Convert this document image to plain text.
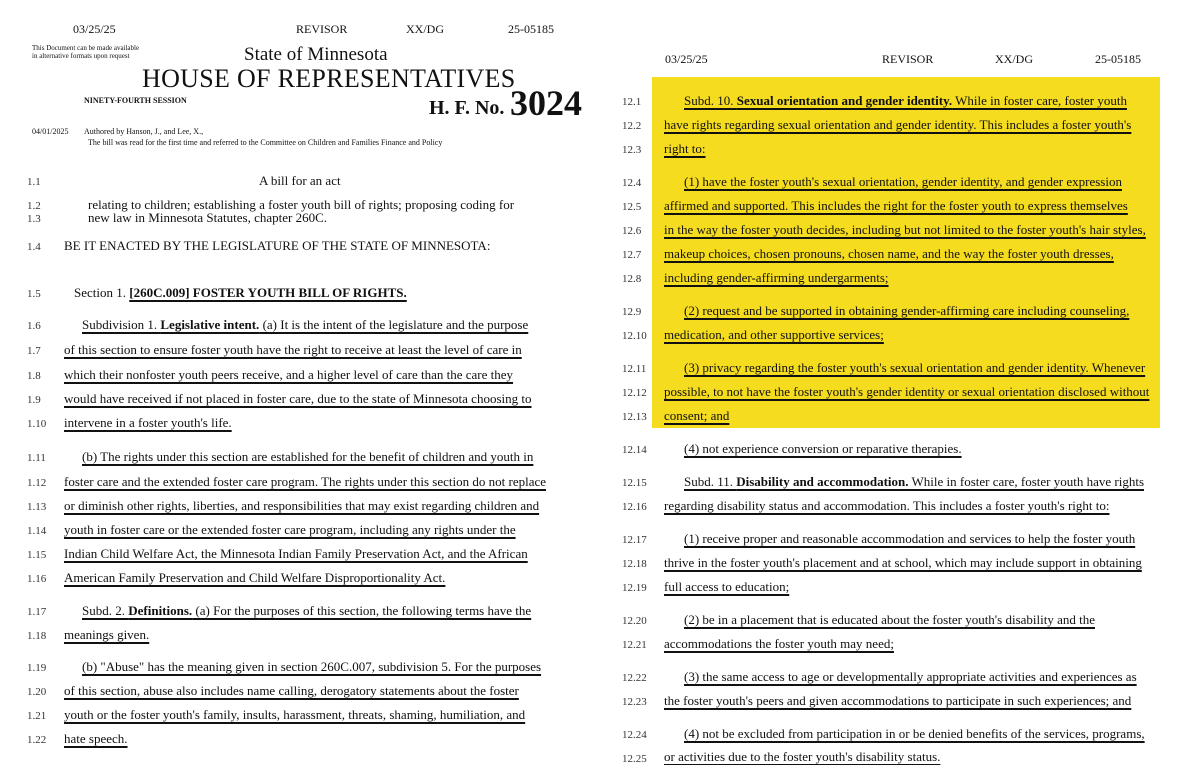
03/25/25	REVISOR	XX/DG	25-05185
This Document can be made available
in alternative formats upon request	State of Minnesota
HOUSE OF REPRESENTATIVES
NINETY-FOURTH SESSION	H. F. No. 3024
04/01/2025 Authored by Hanson, J., and Lee, X.,
The bill was read for the first time and referred to the Committee on Children and Families Finance and Policy
1.1	A bill for an act
1.2	relating to children; establishing a foster youth bill of rights; proposing coding for
1.3	new law in Minnesota Statutes, chapter 260C.
1.4 BE IT ENACTED BY THE LEGISLATURE OF THE STATE OF MINNESOTA:
1.5	Section 1. [260C.009] FOSTER YOUTH BILL OF RIGHTS.
1.6	Subdivision 1. Legislative intent. (a) It is the intent of the legislature and the purpose
1.7 of this section to ensure foster youth have the right to receive at least the level of care in
1.8 which their nonfoster youth peers receive, and a higher level of care than the care they
1.9 would have received if not placed in foster care, due to the state of Minnesota choosing to
1.10 intervene in a foster youth's life.
1.11	(b) The rights under this section are established for the benefit of children and youth in
1.12 foster care and the extended foster care program. The rights under this section do not replace
1.13 or diminish other rights, liberties, and responsibilities that may exist regarding children and
1.14 youth in foster care or the extended foster care program, including any rights under the
1.15 Indian Child Welfare Act, the Minnesota Indian Family Preservation Act, and the African
1.16 American Family Preservation and Child Welfare Disproportionality Act.
1.17	Subd. 2. Definitions. (a) For the purposes of this section, the following terms have the
1.18 meanings given.
1.19	(b) "Abuse" has the meaning given in section 260C.007, subdivision 5. For the purposes
1.20 of this section, abuse also includes name calling, derogatory statements about the foster
1.21 youth or the foster youth's family, insults, harassment, threats, shaming, humiliation, and
1.22 hate speech.
03/25/25	REVISOR	XX/DG	25-05185
12.1	Subd. 10. Sexual orientation and gender identity. While in foster care, foster youth
12.2 have rights regarding sexual orientation and gender identity. This includes a foster youth's
12.3 right to:
12.4	(1) have the foster youth's sexual orientation, gender identity, and gender expression
12.5 affirmed and supported. This includes the right for the foster youth to express themselves
12.6 in the way the foster youth decides, including but not limited to the foster youth's hair styles,
12.7 makeup choices, chosen pronouns, chosen name, and the way the foster youth dresses,
12.8 including gender-affirming undergarments;
12.9	(2) request and be supported in obtaining gender-affirming care including counseling,
12.10 medication, and other supportive services;
12.11	(3) privacy regarding the foster youth's sexual orientation and gender identity. Whenever
12.12 possible, to not have the foster youth's gender identity or sexual orientation disclosed without
12.13 consent; and
12.14	(4) not experience conversion or reparative therapies.
12.15	Subd. 11. Disability and accommodation. While in foster care, foster youth have rights
12.16 regarding disability status and accommodation. This includes a foster youth's right to:
12.17	(1) receive proper and reasonable accommodation and services to help the foster youth
12.18 thrive in the foster youth's placement and at school, which may include support in obtaining
12.19 full access to education;
12.20	(2) be in a placement that is educated about the foster youth's disability and the
12.21 accommodations the foster youth may need;
12.22	(3) the same access to age or developmentally appropriate activities and experiences as
12.23 the foster youth's peers and given accommodations to participate in such experiences; and
12.24	(4) not be excluded from participation in or be denied benefits of the services, programs,
12.25 or activities due to the foster youth's disability status.
